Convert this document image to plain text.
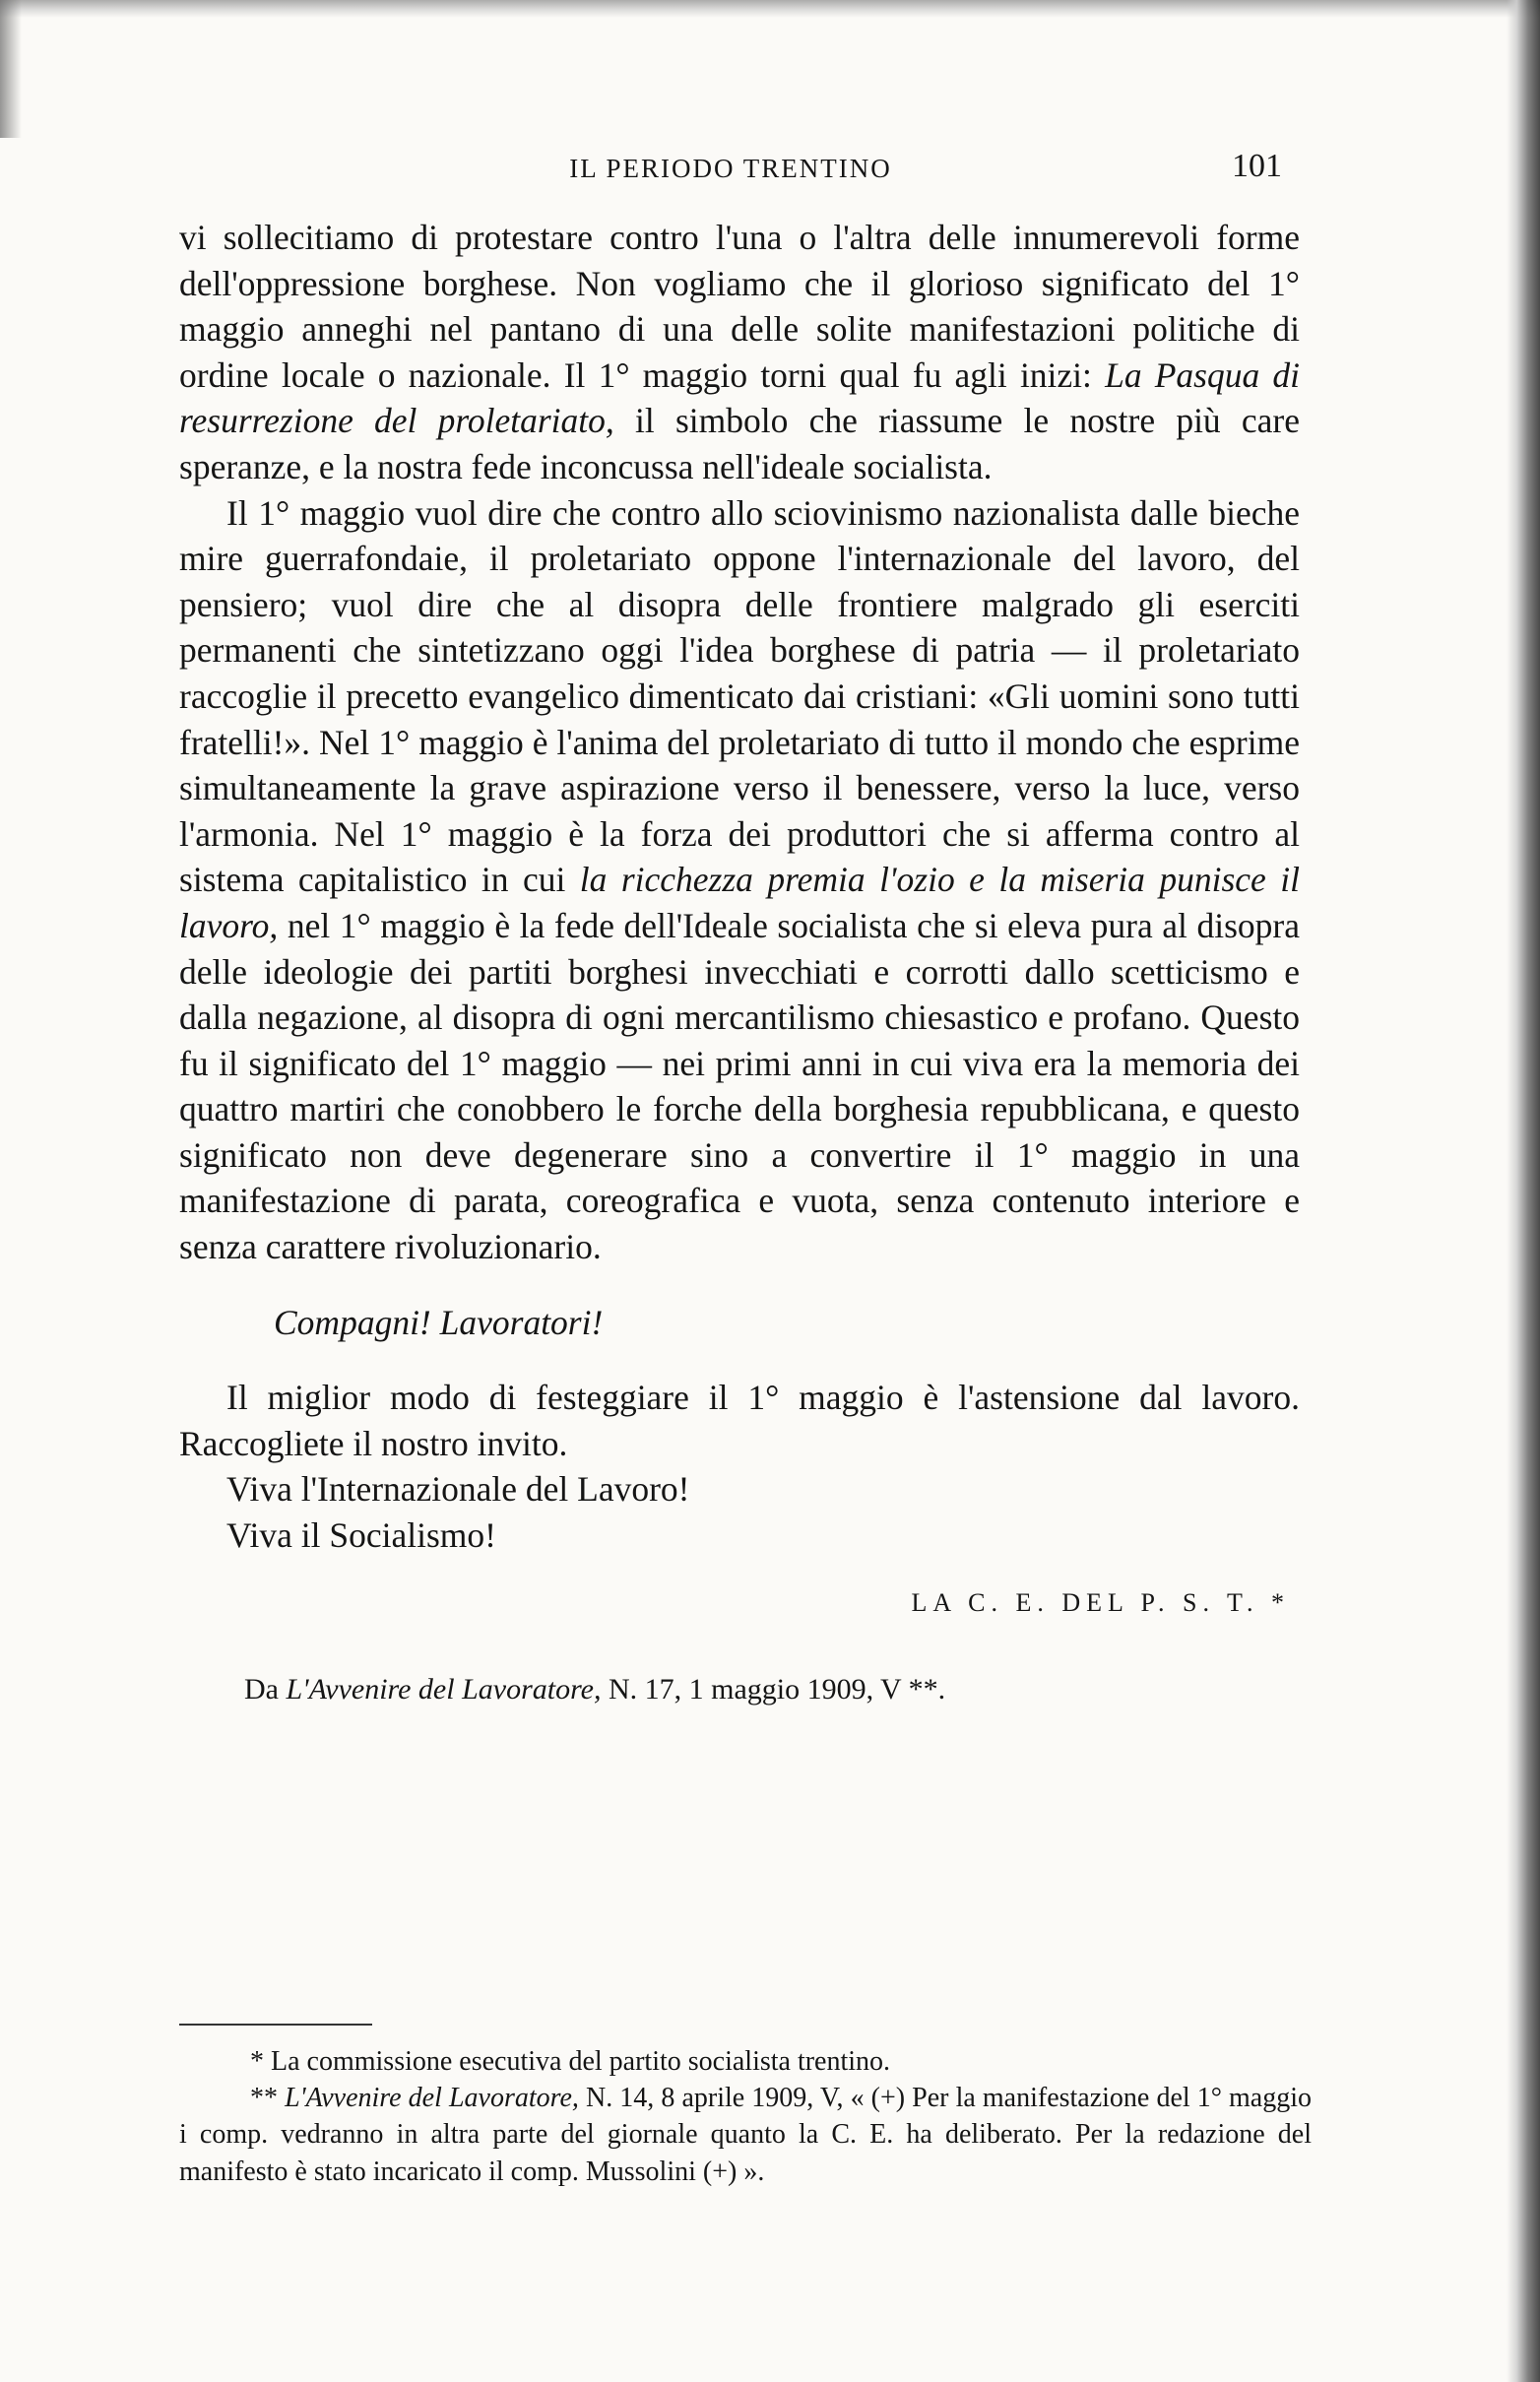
IL PERIODO TRENTINO	101

vi sollecitiamo di protestare contro l'una o l'altra delle innumerevoli forme dell'oppressione borghese. Non vogliamo che il glorioso significato del 1° maggio anneghi nel pantano di una delle solite manifestazioni politiche di ordine locale o nazionale. Il 1° maggio torni qual fu agli inizi: La Pasqua di resurrezione del proletariato, il simbolo che riassume le nostre più care speranze, e la nostra fede inconcussa nell'ideale socialista.

Il 1° maggio vuol dire che contro allo sciovinismo nazionalista dalle bieche mire guerrafondaie, il proletariato oppone l'internazionale del lavoro, del pensiero; vuol dire che al disopra delle frontiere malgrado gli eserciti permanenti che sintetizzano oggi l'idea borghese di patria — il proletariato raccoglie il precetto evangelico dimenticato dai cristiani: «Gli uomini sono tutti fratelli!». Nel 1° maggio è l'anima del proletariato di tutto il mondo che esprime simultaneamente la grave aspirazione verso il benessere, verso la luce, verso l'armonia. Nel 1° maggio è la forza dei produttori che si afferma contro al sistema capitalistico in cui la ricchezza premia l'ozio e la miseria punisce il lavoro, nel 1° maggio è la fede dell'Ideale socialista che si eleva pura al disopra delle ideologie dei partiti borghesi invecchiati e corrotti dallo scetticismo e dalla negazione, al disopra di ogni mercantilismo chiesastico e profano. Questo fu il significato del 1° maggio — nei primi anni in cui viva era la memoria dei quattro martiri che conobbero le forche della borghesia repubblicana, e questo significato non deve degenerare sino a convertire il 1° maggio in una manifestazione di parata, coreografica e vuota, senza contenuto interiore e senza carattere rivoluzionario.

Compagni! Lavoratori!

Il miglior modo di festeggiare il 1° maggio è l'astensione dal lavoro. Raccogliete il nostro invito.

Viva l'Internazionale del Lavoro!

Viva il Socialismo!

LA C. E. DEL P. S. T. *

Da L'Avvenire del Lavoratore, N. 17, 1 maggio 1909, V **.

* La commissione esecutiva del partito socialista trentino.

** L'Avvenire del Lavoratore, N. 14, 8 aprile 1909, V, « (+) Per la manifestazione del 1° maggio i comp. vedranno in altra parte del giornale quanto la C. E. ha deliberato. Per la redazione del manifesto è stato incaricato il comp. Mussolini (+) ».
